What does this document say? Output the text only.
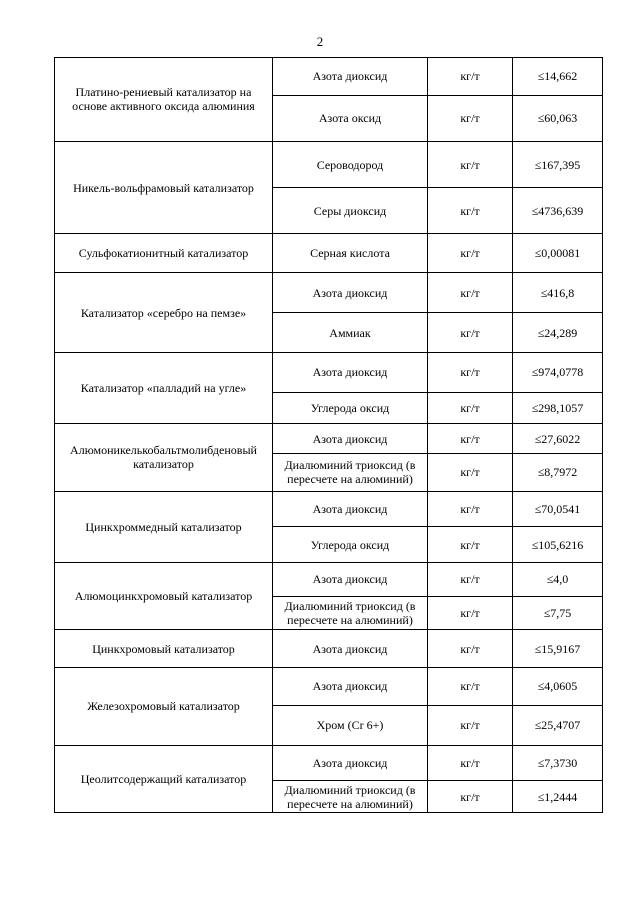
2
Платино-рениевый катализатор на основе активного оксида алюминия	Азота диоксид	кг/т	≤14,662
	Азота оксид	кг/т	≤60,063
Никель-вольфрамовый катализатор	Сероводород	кг/т	≤167,395
	Серы диоксид	кг/т	≤4736,639
Сульфокатионитный катализатор	Серная кислота	кг/т	≤0,00081
Катализатор «серебро на пемзе»	Азота диоксид	кг/т	≤416,8
	Аммиак	кг/т	≤24,289
Катализатор «палладий на угле»	Азота диоксид	кг/т	≤974,0778
	Углерода оксид	кг/т	≤298,1057
Алюмоникелькобальтмолибденовый катализатор	Азота диоксид	кг/т	≤27,6022
	Диалюминий триоксид (в пересчете на алюминий)	кг/т	≤8,7972
Цинкхроммедный катализатор	Азота диоксид	кг/т	≤70,0541
	Углерода оксид	кг/т	≤105,6216
Алюмоцинкхромовый катализатор	Азота диоксид	кг/т	≤4,0
	Диалюминий триоксид (в пересчете на алюминий)	кг/т	≤7,75
Цинкхромовый катализатор	Азота диоксид	кг/т	≤15,9167
Железохромовый катализатор	Азота диоксид	кг/т	≤4,0605
	Хром (Cr 6+)	кг/т	≤25,4707
Цеолитсодержащий катализатор	Азота диоксид	кг/т	≤7,3730
	Диалюминий триоксид (в пересчете на алюминий)	кг/т	≤1,2444
